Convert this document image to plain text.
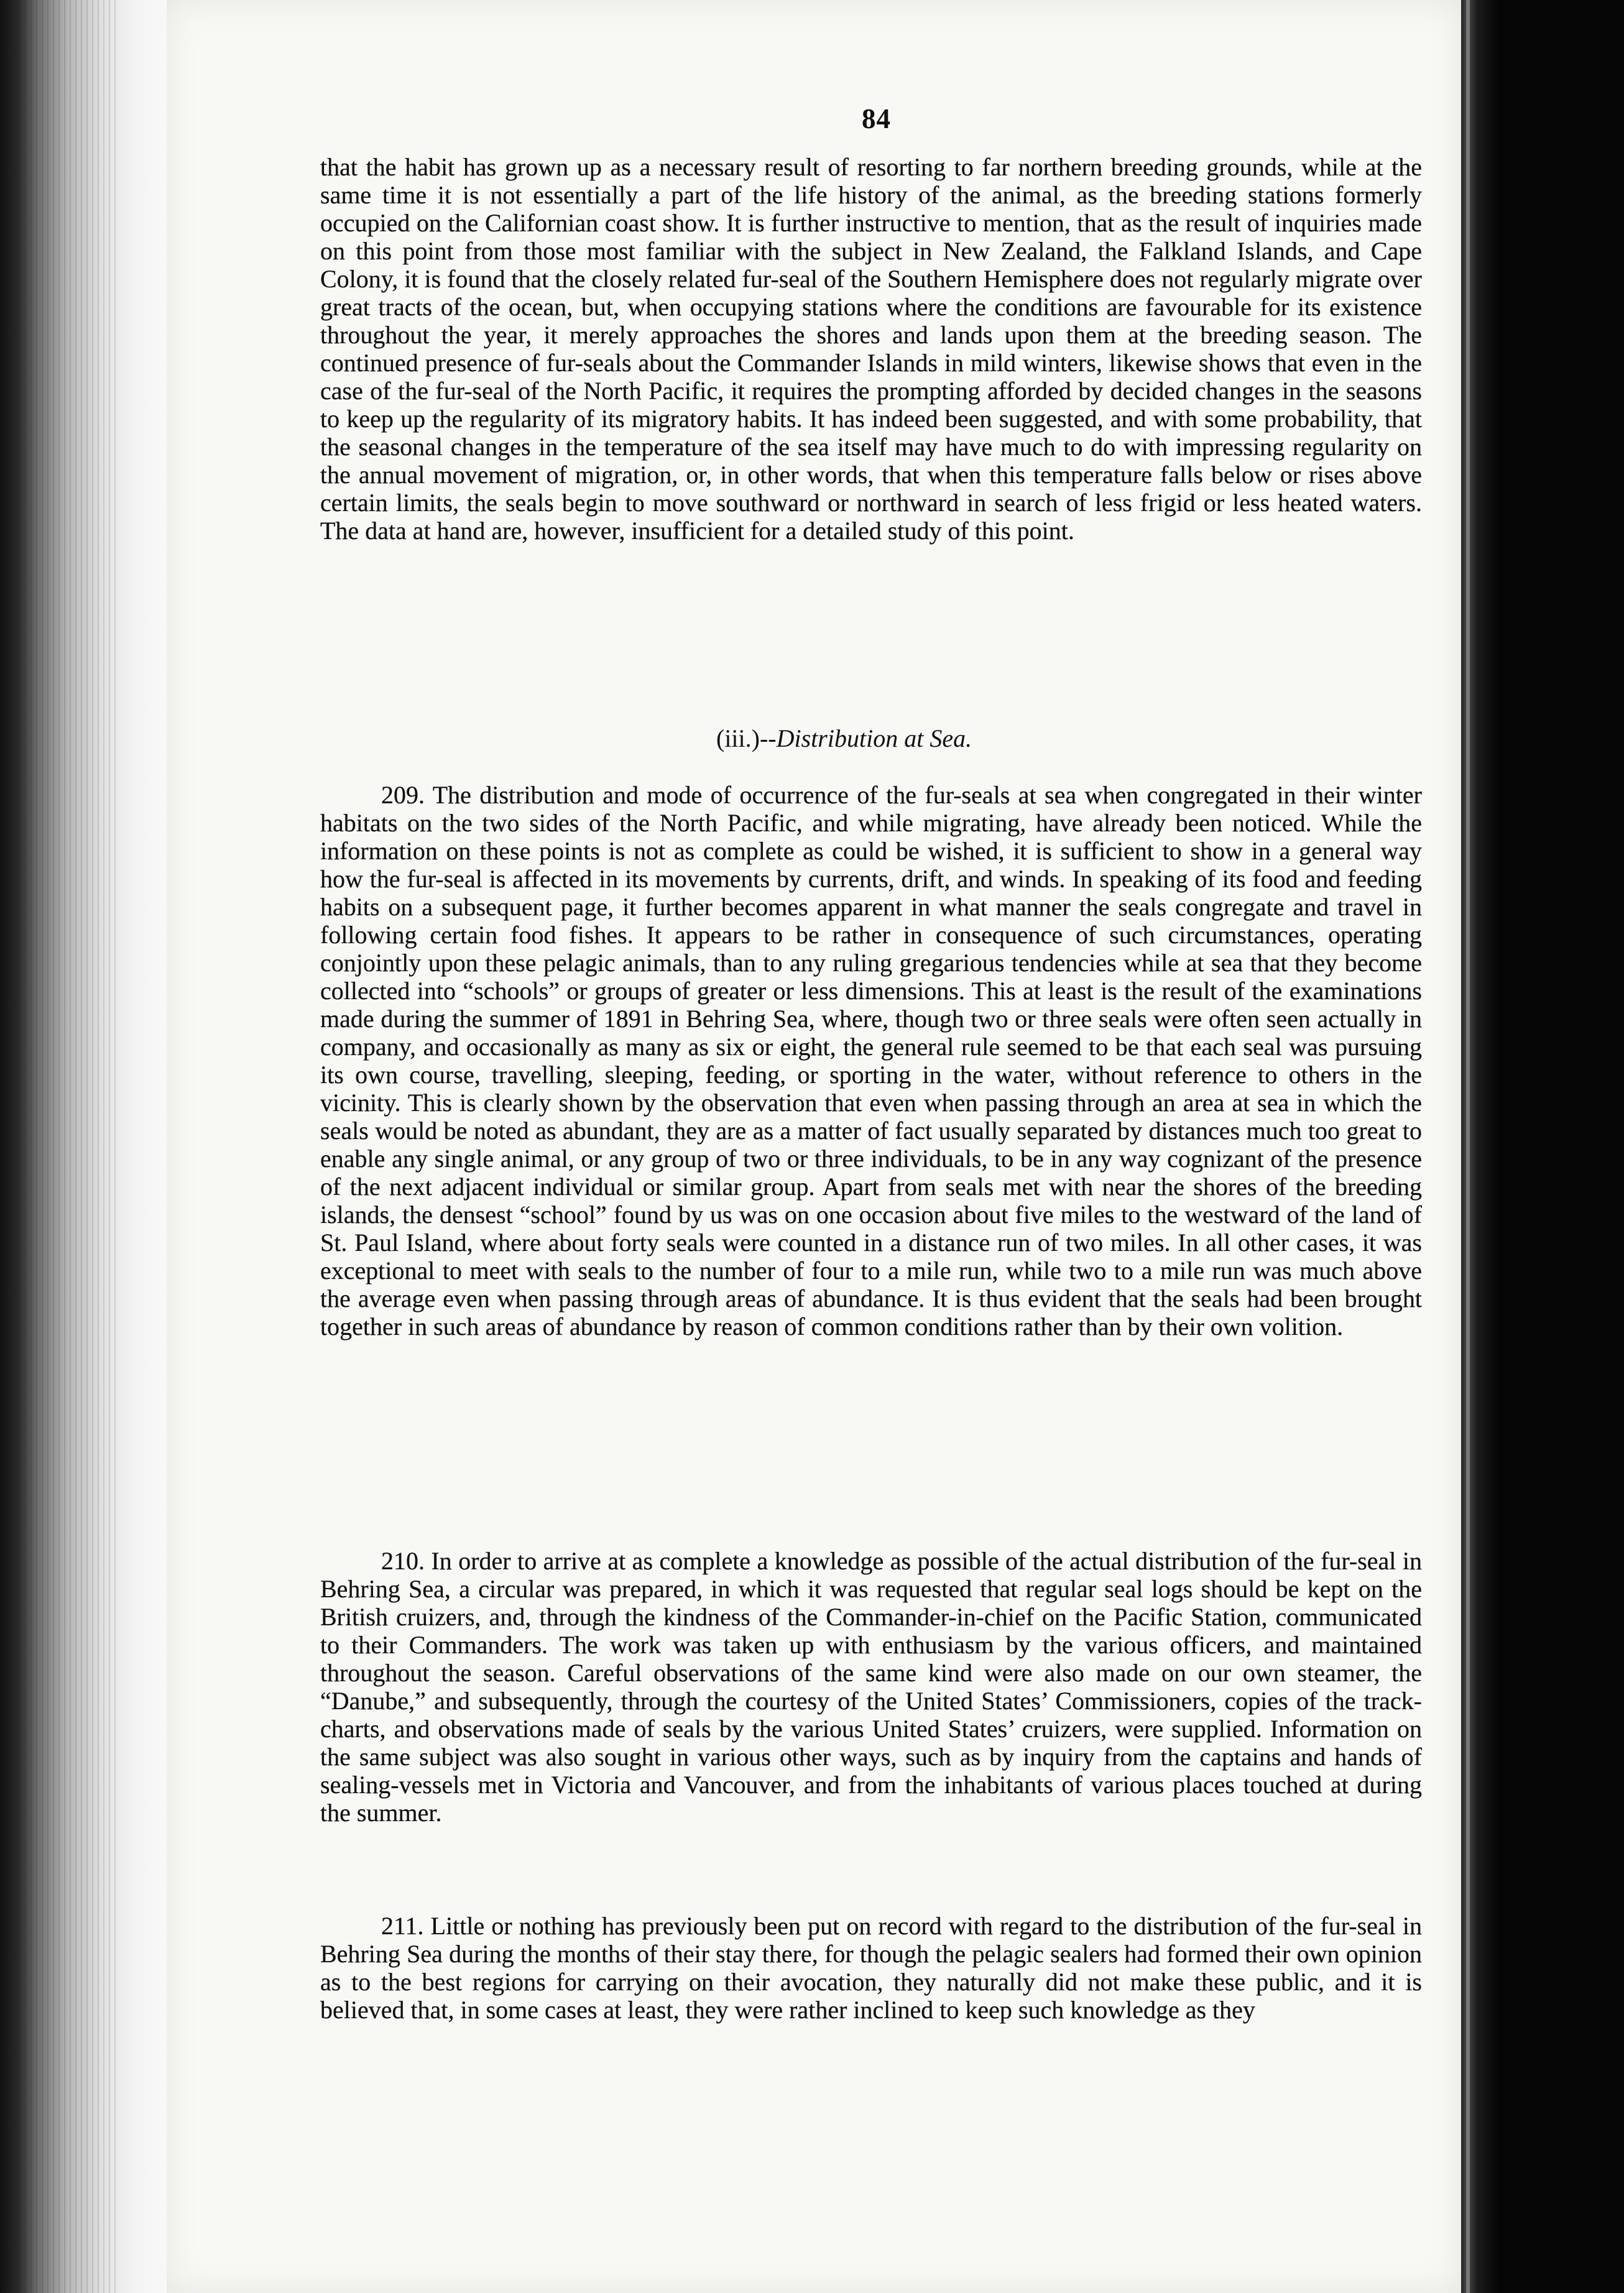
84

that the habit has grown up as a necessary result of resorting to far northern breeding grounds, while at the same time it is not essentially a part of the life history of the animal, as the breeding stations formerly occupied on the Californian coast show. It is further instructive to mention, that as the result of inquiries made on this point from those most familiar with the subject in New Zealand, the Falkland Islands, and Cape Colony, it is found that the closely related fur-seal of the Southern Hemisphere does not regularly migrate over great tracts of the ocean, but, when occupying stations where the conditions are favourable for its existence throughout the year, it merely approaches the shores and lands upon them at the breeding season. The continued presence of fur-seals about the Commander Islands in mild winters, likewise shows that even in the case of the fur-seal of the North Pacific, it requires the prompting afforded by decided changes in the seasons to keep up the regularity of its migratory habits. It has indeed been suggested, and with some probability, that the seasonal changes in the temperature of the sea itself may have much to do with impressing regularity on the annual movement of migration, or, in other words, that when this temperature falls below or rises above certain limits, the seals begin to move southward or northward in search of less frigid or less heated waters. The data at hand are, however, insufficient for a detailed study of this point.

(iii.)--Distribution at Sea.

209. The distribution and mode of occurrence of the fur-seals at sea when congregated in their winter habitats on the two sides of the North Pacific, and while migrating, have already been noticed. While the information on these points is not as complete as could be wished, it is sufficient to show in a general way how the fur-seal is affected in its movements by currents, drift, and winds. In speaking of its food and feeding habits on a subsequent page, it further becomes apparent in what manner the seals congregate and travel in following certain food fishes. It appears to be rather in consequence of such circumstances, operating conjointly upon these pelagic animals, than to any ruling gregarious tendencies while at sea that they become collected into “schools” or groups of greater or less dimensions. This at least is the result of the examinations made during the summer of 1891 in Behring Sea, where, though two or three seals were often seen actually in company, and occasionally as many as six or eight, the general rule seemed to be that each seal was pursuing its own course, travelling, sleeping, feeding, or sporting in the water, without reference to others in the vicinity. This is clearly shown by the observation that even when passing through an area at sea in which the seals would be noted as abundant, they are as a matter of fact usually separated by distances much too great to enable any single animal, or any group of two or three individuals, to be in any way cognizant of the presence of the next adjacent individual or similar group. Apart from seals met with near the shores of the breeding islands, the densest “school” found by us was on one occasion about five miles to the westward of the land of St. Paul Island, where about forty seals were counted in a distance run of two miles. In all other cases, it was exceptional to meet with seals to the number of four to a mile run, while two to a mile run was much above the average even when passing through areas of abundance. It is thus evident that the seals had been brought together in such areas of abundance by reason of common conditions rather than by their own volition.

210. In order to arrive at as complete a knowledge as possible of the actual distribution of the fur-seal in Behring Sea, a circular was prepared, in which it was requested that regular seal logs should be kept on the British cruizers, and, through the kindness of the Commander-in-chief on the Pacific Station, communicated to their Commanders. The work was taken up with enthusiasm by the various officers, and maintained throughout the season. Careful observations of the same kind were also made on our own steamer, the “Danube,” and subsequently, through the courtesy of the United States’ Commissioners, copies of the track-charts, and observations made of seals by the various United States’ cruizers, were supplied. Information on the same subject was also sought in various other ways, such as by inquiry from the captains and hands of sealing-vessels met in Victoria and Vancouver, and from the inhabitants of various places touched at during the summer.

211. Little or nothing has previously been put on record with regard to the distribution of the fur-seal in Behring Sea during the months of their stay there, for though the pelagic sealers had formed their own opinion as to the best regions for carrying on their avocation, they naturally did not make these public, and it is believed that, in some cases at least, they were rather inclined to keep such knowledge as they
